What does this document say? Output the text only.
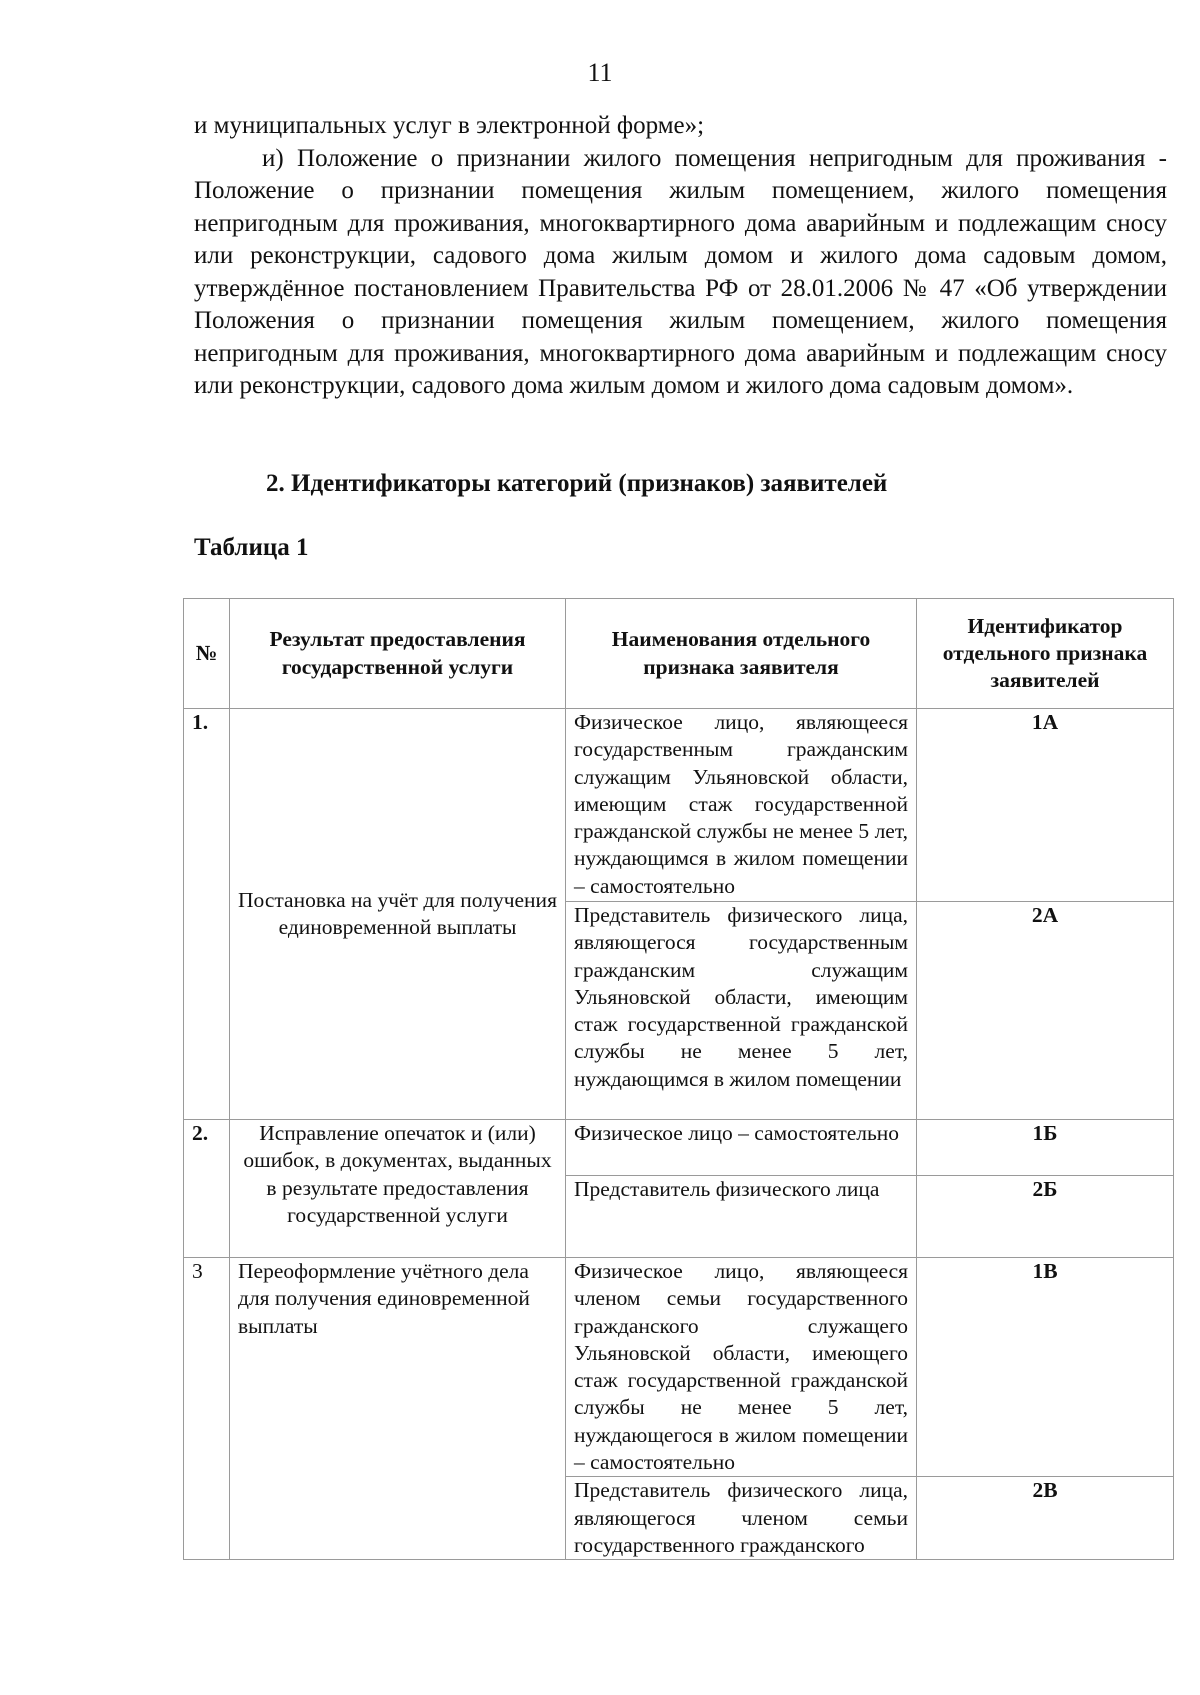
11

и муниципальных услуг в электронной форме»;

и) Положение о признании жилого помещения непригодным для проживания - Положение о признании помещения жилым помещением, жилого помещения непригодным для проживания, многоквартирного дома аварийным и подлежащим сносу или реконструкции, садового дома жилым домом и жилого дома садовым домом, утверждённое постановлением Правительства РФ от 28.01.2006 № 47 «Об утверждении Положения о признании помещения жилым помещением, жилого помещения непригодным для проживания, многоквартирного дома аварийным и подлежащим сносу или реконструкции, садового дома жилым домом и жилого дома садовым домом».

2. Идентификаторы категорий (признаков) заявителей
Таблица 1
№	Результат предоставления государственной услуги	Наименования отдельного признака заявителя	Идентификатор отдельного признака заявителей
1.	Постановка на учёт для получения единовременной выплаты	Физическое лицо, являющееся государственным гражданским служащим Ульяновской области, имеющим стаж государственной гражданской службы не менее 5 лет, нуждающимся в жилом помещении – самостоятельно	1А
		Представитель физического лица, являющегося государственным гражданским служащим Ульяновской области, имеющим стаж государственной гражданской службы не менее 5 лет, нуждающимся в жилом помещении	2А
2.	Исправление опечаток и (или) ошибок, в документах, выданных в результате предоставления государственной услуги	Физическое лицо – самостоятельно	1Б
		Представитель физического лица	2Б
3	Переоформление учётного дела для получения единовременной выплаты	Физическое лицо, являющееся членом семьи государственного гражданского служащего Ульяновской области, имеющего стаж государственной гражданской службы не менее 5 лет, нуждающегося в жилом помещении – самостоятельно	1В
		Представитель физического лица, являющегося членом семьи государственного гражданского	2В
